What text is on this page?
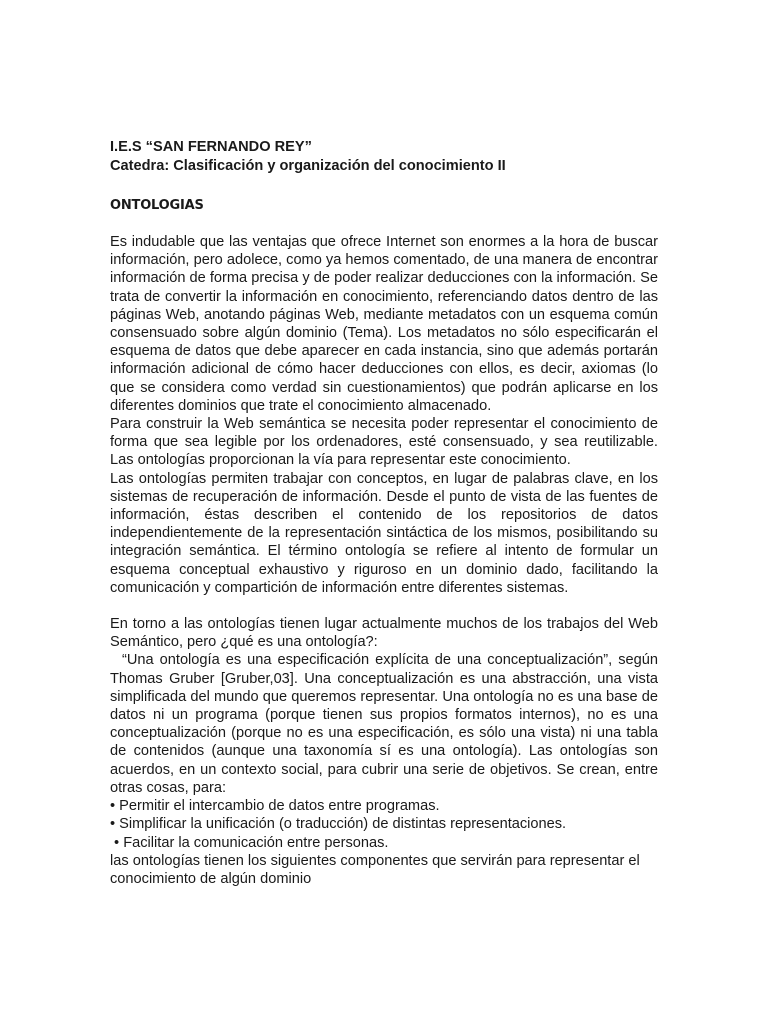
I.E.S “SAN FERNANDO REY”

Catedra: Clasificación y organización del conocimiento II

ONTOLOGIAS

Es indudable que las ventajas que ofrece Internet son enormes a la hora de buscar información, pero adolece, como ya hemos comentado, de una manera de encontrar información de forma precisa y de poder realizar deducciones con la información. Se trata de convertir la información en conocimiento, referenciando datos dentro de las páginas Web, anotando páginas Web, mediante metadatos con un esquema común consensuado sobre algún dominio (Tema). Los metadatos no sólo especificarán el esquema de datos que debe aparecer en cada instancia, sino que además portarán información adicional de cómo hacer deducciones con ellos, es decir, axiomas (lo que se considera como verdad sin cuestionamientos) que podrán aplicarse en los diferentes dominios que trate el conocimiento almacenado.

Para construir la Web semántica se necesita poder representar el conocimiento de forma que sea legible por los ordenadores, esté consensuado, y sea reutilizable. Las ontologías proporcionan la vía para representar este conocimiento.

Las ontologías permiten trabajar con conceptos, en lugar de palabras clave, en los sistemas de recuperación de información. Desde el punto de vista de las fuentes de información, éstas describen el contenido de los repositorios de datos independientemente de la representación sintáctica de los mismos, posibilitando su integración semántica. El término ontología se refiere al intento de formular un esquema conceptual exhaustivo y riguroso en un dominio dado, facilitando la comunicación y compartición de información entre diferentes sistemas.

En torno a las ontologías tienen lugar actualmente muchos de los trabajos del Web Semántico, pero ¿qué es una ontología?:

“Una ontología es una especificación explícita de una conceptualización”, según Thomas Gruber [Gruber,03]. Una conceptualización es una abstracción, una vista simplificada del mundo que queremos representar. Una ontología no es una base de datos ni un programa (porque tienen sus propios formatos internos), no es una conceptualización (porque no es una especificación, es sólo una vista) ni una tabla de contenidos (aunque una taxonomía sí es una ontología). Las ontologías son acuerdos, en un contexto social, para cubrir una serie de objetivos. Se crean, entre otras cosas, para:

• Permitir el intercambio de datos entre programas.
• Simplificar la unificación (o traducción) de distintas representaciones.
• Facilitar la comunicación entre personas.

las ontologías tienen los siguientes componentes que servirán para representar el conocimiento de algún dominio
